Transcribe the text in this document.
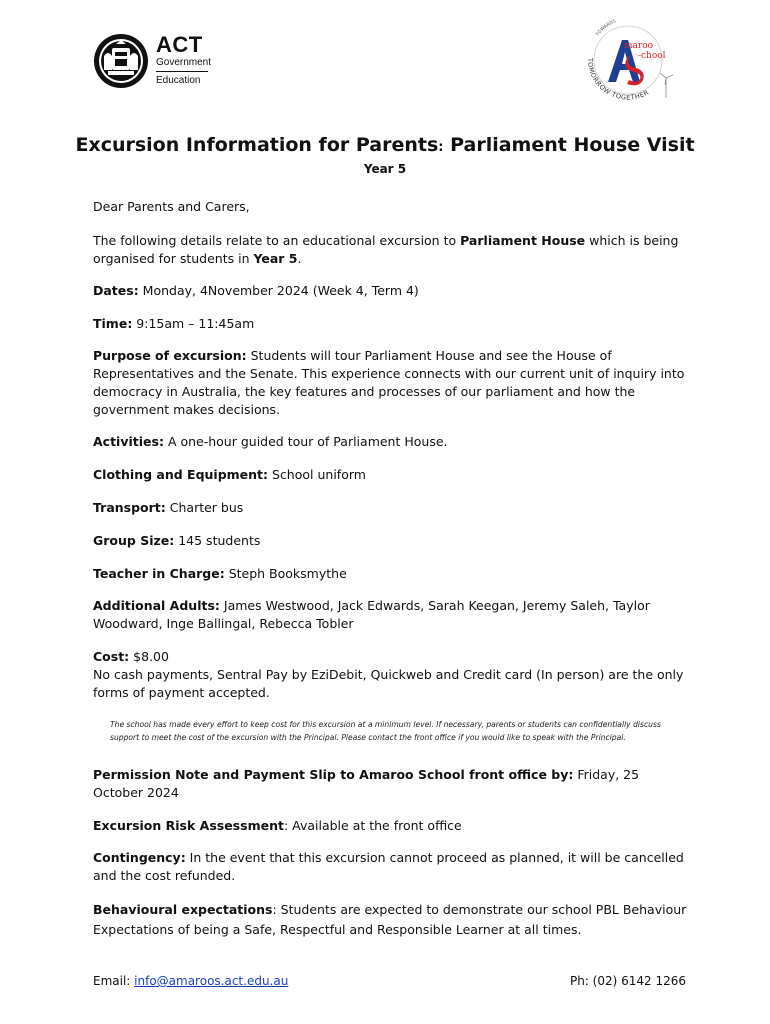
ACT
Government
Education
TOMORROW TOGETHER
TOWARDS
maroo
chool
Excursion Information for Parents: Parliament House Visit
Year 5
Dear Parents and Carers,
The following details relate to an educational excursion to Parliament House which is being organised for students in Year 5.
Dates: Monday, 4November 2024 (Week 4, Term 4)
Time: 9:15am – 11:45am
Purpose of excursion: Students will tour Parliament House and see the House of Representatives and the Senate. This experience connects with our current unit of inquiry into democracy in Australia, the key features and processes of our parliament and how the government makes decisions.
Activities: A one-hour guided tour of Parliament House.
Clothing and Equipment: School uniform
Transport: Charter bus
Group Size: 145 students
Teacher in Charge: Steph Booksmythe
Additional Adults: James Westwood, Jack Edwards, Sarah Keegan, Jeremy Saleh, Taylor Woodward, Inge Ballingal, Rebecca Tobler
Cost: $8.00
No cash payments, Sentral Pay by EziDebit, Quickweb and Credit card (In person) are the only forms of payment accepted.
The school has made every effort to keep cost for this excursion at a minimum level. If necessary, parents or students can confidentially discuss support to meet the cost of the excursion with the Principal. Please contact the front office if you would like to speak with the Principal.
Permission Note and Payment Slip to Amaroo School front office by: Friday, 25 October 2024
Excursion Risk Assessment: Available at the front office
Contingency: In the event that this excursion cannot proceed as planned, it will be cancelled and the cost refunded.
Behavioural expectations: Students are expected to demonstrate our school PBL Behaviour Expectations of being a Safe, Respectful and Responsible Learner at all times.
Email: info@amaroos.act.edu.au	Ph: (02) 6142 1266
